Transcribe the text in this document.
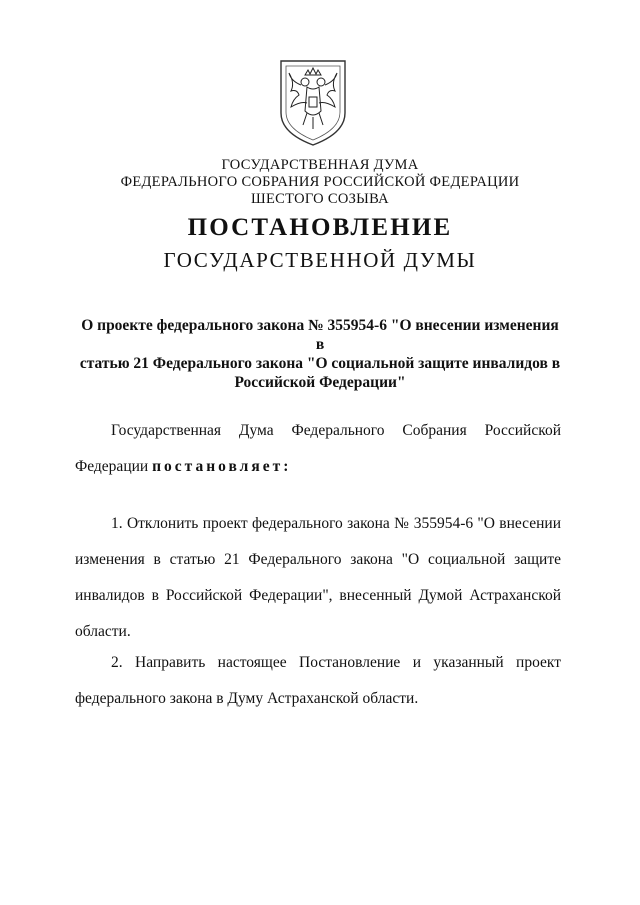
ГОСУДАРСТВЕННАЯ ДУМА
ФЕДЕРАЛЬНОГО СОБРАНИЯ РОССИЙСКОЙ ФЕДЕРАЦИИ
ШЕСТОГО СОЗЫВА
ПОСТАНОВЛЕНИЕ
ГОСУДАРСТВЕННОЙ ДУМЫ
О проекте федерального закона № 355954-6 "О внесении изменения в
статью 21 Федерального закона "О социальной защите инвалидов в
Российской Федерации"
Государственная Дума Федерального Собрания Российской
Федерации постановляет:
1. Отклонить проект федерального закона № 355954-6 "О внесении
изменения в статью 21 Федерального закона "О социальной защите
инвалидов в Российской Федерации", внесенный Думой Астраханской
области.
2. Направить настоящее Постановление и указанный проект
федерального закона в Думу Астраханской области.
